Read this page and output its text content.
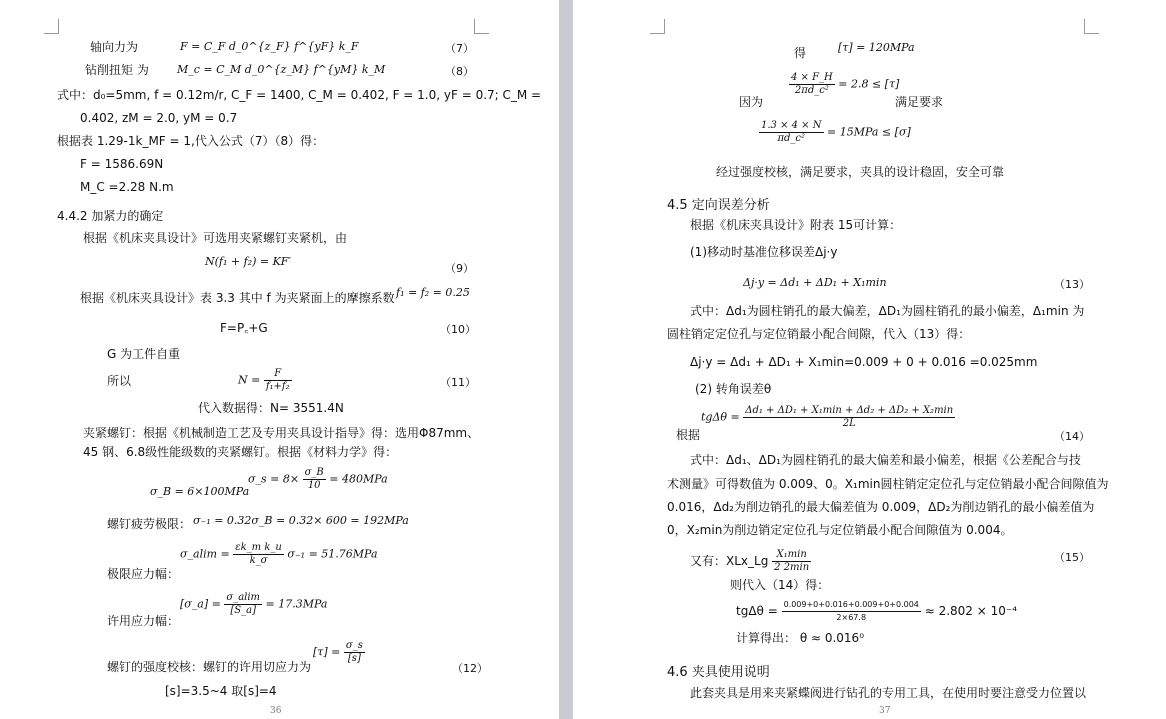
轴向力为	F = C_F d_0^{z_F} f^{yF} k_F	（7）
钻削扭矩 为	M_c = C_M d_0^{z_M} f^{yM} k_M	（8）
式中：d₀=5mm, f = 0.12m/r, C_F = 1400, C_M = 0.402, F = 1.0, yF = 0.7; C_M =
0.402, zM = 2.0, yM = 0.7
根据表 1.29-1k_MF = 1,代入公式（7）（8）得：
F = 1586.69N
M_C =2.28 N.m
4.4.2 加紧力的确定
根据《机床夹具设计》可选用夹紧螺钉夹紧机，由
N(f₁ + f₂) = KF′
（9）
根据《机床夹具设计》表 3.3 其中 f 为夹紧面上的摩擦系数 f₁ = f₂ = 0.25
F=P꜀+G	（10）
G 为工件自重
所以	$N = \frac{F}{\text{f₁+f₂}}$	（11）
代入数据得：N= 3551.4N
夹紧螺钉：根据《机械制造工艺及专用夹具设计指导》得：选用Φ87mm、
45 钢、6.8级性能级数的夹紧螺钉。根据《材料力学》得：
σ_B = 6×100MPa
σ_s = $8\times \frac{\sigma\_B}{10} = 480MPa$
螺钉疲劳极限： σ₋₁ = 0.32σ_B = 0.32× 600 = 192MPa
σ_alim = $\frac{\text{εk\_m k\_u}}{k\_\sigma} \sigma_{-1} = 51.76MPa$
极限应力幅：
[σ_a] = $\frac{\sigma\_alim}{[S\_a]} = 17.3MPa$
许用应力幅：
$[\tau] = \frac{\sigma\_s}{[s]}$
螺钉的强度校核：螺钉的许用切应力为	（12）
[s]=3.5~4 取[s]=4
36
得	[τ] = 120MPa
因为
$\frac{4 \times F\_H}{\text{2πd\_c²}} = 2.8 \le [\tau]$
满足要求
$\frac{1.3 \times 4 \times N}{\text{πd\_c²}} = 15MPa \le [\sigma]$
经过强度校核，满足要求，夹具的设计稳固，安全可靠
4.5 定向误差分析
根据《机床夹具设计》附表 15可计算：
(1)移动时基准位移误差Δj·y
Δj·y = Δd₁ + ΔD₁ + X₁min	（13）
式中：Δd₁为圆柱销孔的最大偏差，ΔD₁为圆柱销孔的最小偏差，Δ₁min 为
圆柱销定定位孔与定位销最小配合间隙，代入（13）得：
Δj·y = Δd₁ + ΔD₁ + X₁min=0.009 + 0 + 0.016 =0.025mm
(2) 转角误差θ
根据
$tg\Delta\theta = \frac{\text{Δd₁ + ΔD₁ + X₁min + Δd₂ + ΔD₂ + X₂min}}{2L}$
（14）
式中：Δd₁、ΔD₁为圆柱销孔的最大偏差和最小偏差，根据《公差配合与技
术测量》可得数值为 0.009、0。X₁min圆柱销定定位孔与定位销最小配合间隙值为
0.016，Δd₂为削边销孔的最大偏差值为 0.009，ΔD₂为削边销孔的最小偏差值为
0，X₂min为削边销定定位孔与定位销最小配合间隙值为 0.004。
又有：XLx_Lg $\frac{\text{X₁min}}{2 2\min}$	（15）
则代入（14）得：
$tg\Delta\theta = \frac{0.009+0+0.016+0.009+0+0.004}{2\times 67.8} \approx 2.802 \times 10^{-4}$
计算得出： θ ≈ 0.016⁰
4.6 夹具使用说明
此套夹具是用来夹紧蝶阀进行钻孔的专用工具，在使用时要注意受力位置以
37
